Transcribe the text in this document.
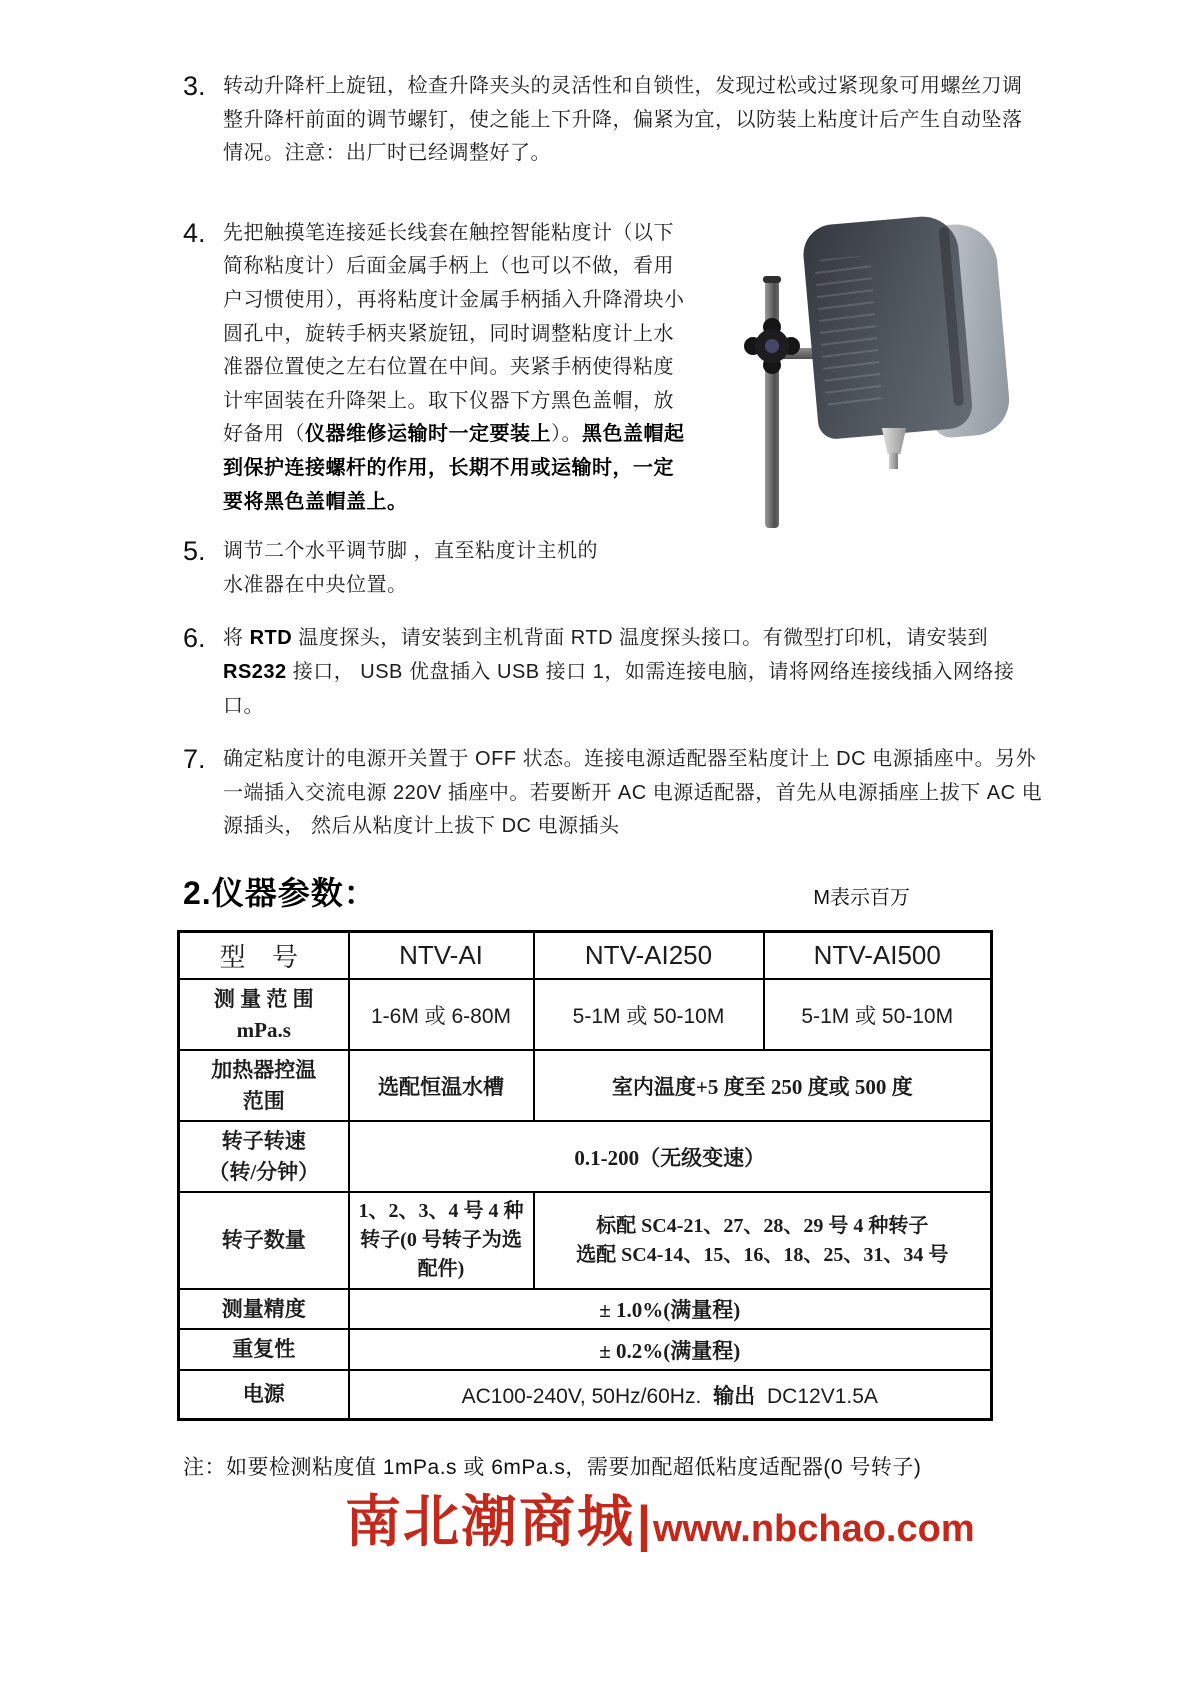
3. 转动升降杆上旋钮，检查升降夹头的灵活性和自锁性，发现过松或过紧现象可用螺丝刀调整升降杆前面的调节螺钉，使之能上下升降，偏紧为宜，以防装上粘度计后产生自动坠落情况。注意：出厂时已经调整好了。
4. 先把触摸笔连接延长线套在触控智能粘度计（以下简称粘度计）后面金属手柄上（也可以不做，看用户习惯使用），再将粘度计金属手柄插入升降滑块小圆孔中，旋转手柄夹紧旋钮，同时调整粘度计上水准器位置使之左右位置在中间。夹紧手柄使得粘度计牢固装在升降架上。取下仪器下方黑色盖帽，放好备用（仪器维修运输时一定要装上）。黑色盖帽起到保护连接螺杆的作用，长期不用或运输时，一定要将黑色盖帽盖上。
5. 调节二个水平调节脚 ，直至粘度计主机的
水准器在中央位置。
6. 将 RTD 温度探头，请安装到主机背面 RTD 温度探头接口。有微型打印机，请安装到 RS232 接口， USB 优盘插入 USB 接口 1，如需连接电脑，请将网络连接线插入网络接口。
7. 确定粘度计的电源开关置于 OFF 状态。连接电源适配器至粘度计上 DC 电源插座中。另外一端插入交流电源 220V 插座中。若要断开 AC 电源适配器，首先从电源插座上拔下 AC 电源插头， 然后从粘度计上拔下 DC 电源插头
2.仪器参数：	M表示百万
型 号	NTV-AI	NTV-AI250	NTV-AI500

测 量 范 围
mPa.s	1-6M 或 6-80M	5-1M 或 50-10M	5-1M 或 50-10M

加热器控温
范围	选配恒温水槽	室内温度+5 度至 250 度或 500 度	

转子转速
（转/分钟）	0.1-200（无级变速）		
转子数量	1、2、3、4 号 4 种转子(0 号转子为选配件)	标配 SC4-21、27、28、29 号 4 种转子
选配 SC4-14、15、16、18、25、31、34 号	

测量精度	± 1.0%(满量程)		
重复性	± 0.2%(满量程)		
电源	AC100-240V, 50Hz/60Hz. 输出 DC12V1.5A		

注：如要检测粘度值 1mPa.s 或 6mPa.s，需要加配超低粘度适配器(0 号转子)

南北潮商城 | www.nbchao.com
